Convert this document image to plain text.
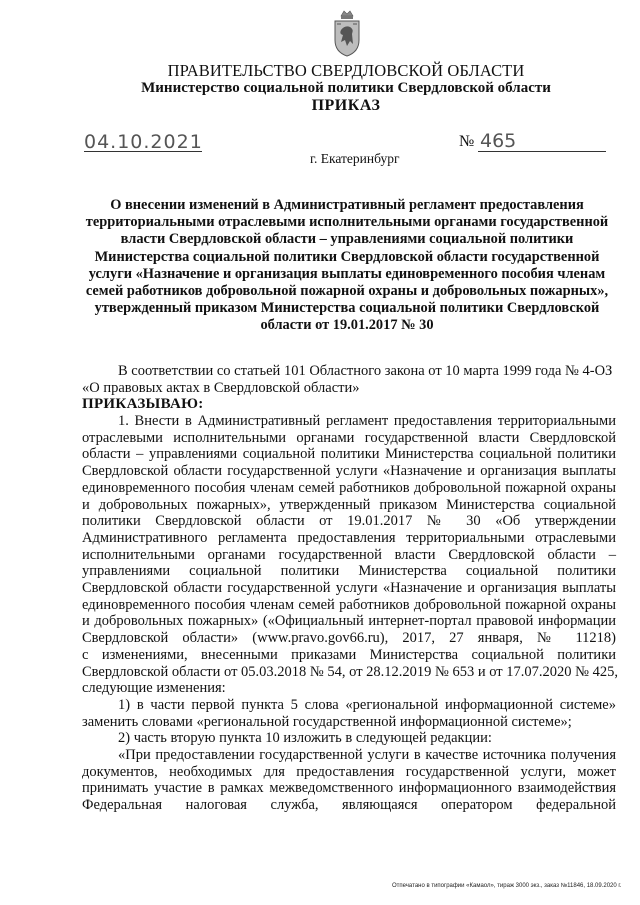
ПРАВИТЕЛЬСТВО СВЕРДЛОВСКОЙ ОБЛАСТИ
Министерство социальной политики Свердловской области
ПРИКАЗ
04.10.2021	№ 465
г. Екатеринбург
О внесении изменений в Административный регламент предоставления
территориальными отраслевыми исполнительными органами государственной
власти Свердловской области – управлениями социальной политики
Министерства социальной политики Свердловской области государственной
услуги «Назначение и организация выплаты единовременного пособия членам
семей работников добровольной пожарной охраны и добровольных пожарных»,
утвержденный приказом Министерства социальной политики Свердловской
области от 19.01.2017 № 30
В соответствии со статьей 101 Областного закона от 10 марта 1999 года № 4-ОЗ
«О правовых актах в Свердловской области»
ПРИКАЗЫВАЮ:
1. Внести в Административный регламент предоставления территориальными
отраслевыми исполнительными органами государственной власти Свердловской
области – управлениями социальной политики Министерства социальной политики
Свердловской области государственной услуги «Назначение и организация выплаты
единовременного пособия членам семей работников добровольной пожарной охраны
и добровольных пожарных», утвержденный приказом Министерства социальной
политики Свердловской области от 19.01.2017 № 30 «Об утверждении
Административного регламента предоставления территориальными отраслевыми
исполнительными органами государственной власти Свердловской области –
управлениями социальной политики Министерства социальной политики
Свердловской области государственной услуги «Назначение и организация выплаты
единовременного пособия членам семей работников добровольной пожарной охраны
и добровольных пожарных» («Официальный интернет-портал правовой информации
Свердловской области» (www.pravo.gov66.ru), 2017, 27 января, № 11218)
с изменениями, внесенными приказами Министерства социальной политики
Свердловской области от 05.03.2018 № 54, от 28.12.2019 № 653 и от 17.07.2020 № 425,
следующие изменения:
1) в части первой пункта 5 слова «региональной информационной системе»
заменить словами «региональной государственной информационной системе»;
2) часть вторую пункта 10 изложить в следующей редакции:
«При предоставлении государственной услуги в качестве источника получения
документов, необходимых для предоставления государственной услуги, может
принимать участие в рамках межведомственного информационного взаимодействия
Федеральная налоговая служба, являющаяся оператором федеральной
Отпечатано в типографии «Камаол», тираж 3000 экз., заказ №11846, 18.09.2020 г.
